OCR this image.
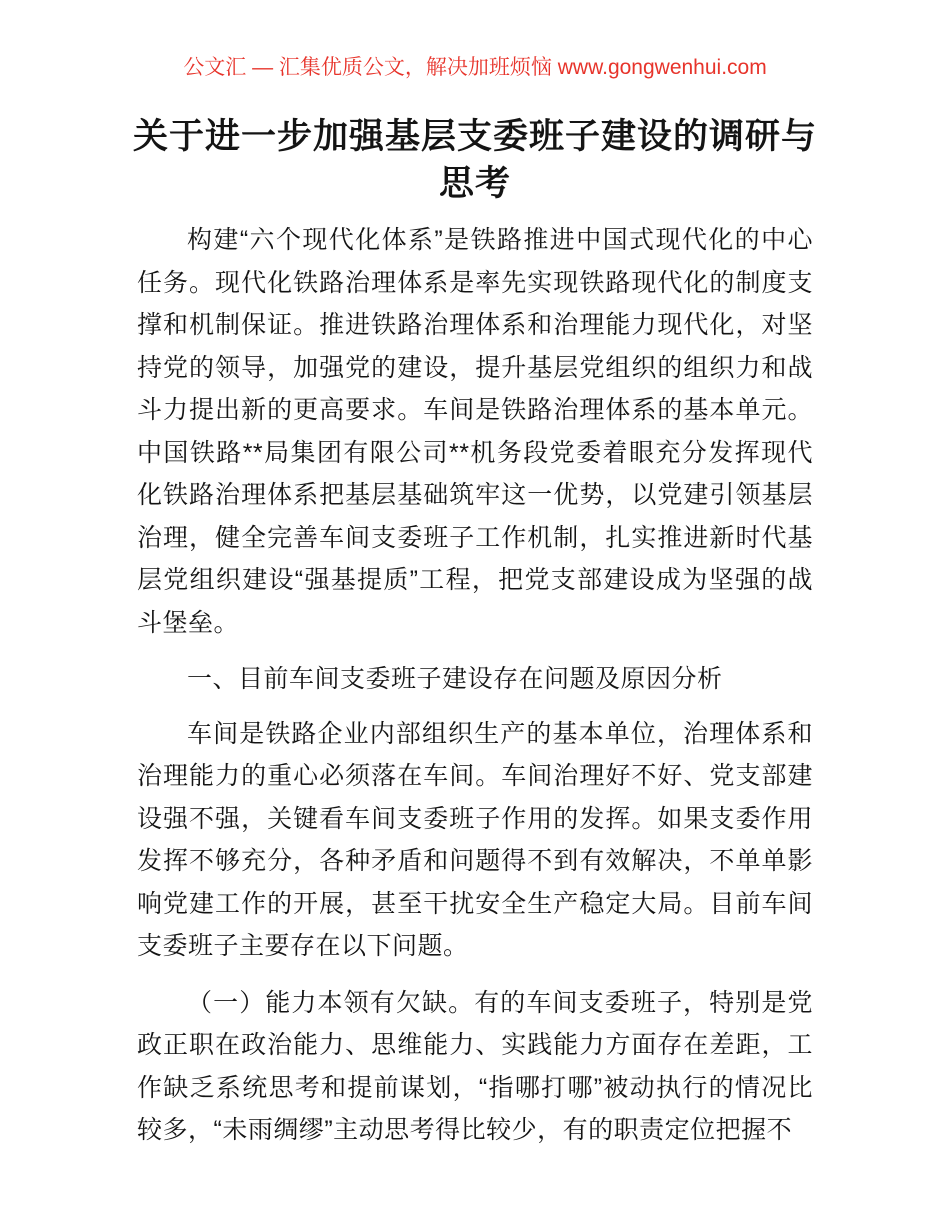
公文汇 — 汇集优质公文，解决加班烦恼 www.gongwenhui.com
关于进一步加强基层支委班子建设的调研与思考

构建“六个现代化体系”是铁路推进中国式现代化的中心任务。现代化铁路治理体系是率先实现铁路现代化的制度支撑和机制保证。推进铁路治理体系和治理能力现代化，对坚持党的领导，加强党的建设，提升基层党组织的组织力和战斗力提出新的更高要求。车间是铁路治理体系的基本单元。中国铁路**局集团有限公司**机务段党委着眼充分发挥现代化铁路治理体系把基层基础筑牢这一优势，以党建引领基层治理，健全完善车间支委班子工作机制，扎实推进新时代基层党组织建设“强基提质”工程，把党支部建设成为坚强的战斗堡垒。

一、目前车间支委班子建设存在问题及原因分析

车间是铁路企业内部组织生产的基本单位，治理体系和治理能力的重心必须落在车间。车间治理好不好、党支部建设强不强，关键看车间支委班子作用的发挥。如果支委作用发挥不够充分，各种矛盾和问题得不到有效解决，不单单影响党建工作的开展，甚至干扰安全生产稳定大局。目前车间支委班子主要存在以下问题。

（一）能力本领有欠缺。有的车间支委班子，特别是党政正职在政治能力、思维能力、实践能力方面存在差距，工作缺乏系统思考和提前谋划，“指哪打哪”被动执行的情况比较多，“未雨绸缪”主动思考得比较少，有的职责定位把握不
